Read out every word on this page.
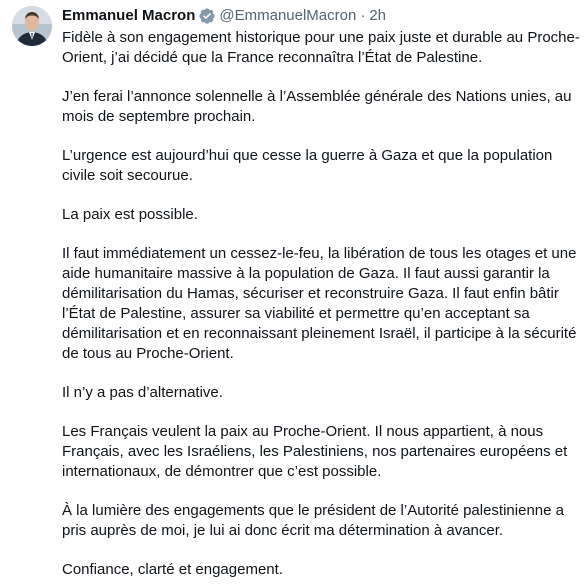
Emmanuel Macron @EmmanuelMacron · 2h

Fidèle à son engagement historique pour une paix juste et durable au Proche-Orient, j’ai décidé que la France reconnaîtra l’État de Palestine.

J’en ferai l’annonce solennelle à l’Assemblée générale des Nations unies, au mois de septembre prochain.

L’urgence est aujourd’hui que cesse la guerre à Gaza et que la population civile soit secourue.

La paix est possible.

Il faut immédiatement un cessez-le-feu, la libération de tous les otages et une aide humanitaire massive à la population de Gaza. Il faut aussi garantir la démilitarisation du Hamas, sécuriser et reconstruire Gaza. Il faut enfin bâtir l’État de Palestine, assurer sa viabilité et permettre qu’en acceptant sa démilitarisation et en reconnaissant pleinement Israël, il participe à la sécurité de tous au Proche-Orient.

Il n’y a pas d’alternative.

Les Français veulent la paix au Proche-Orient. Il nous appartient, à nous Français, avec les Israéliens, les Palestiniens, nos partenaires européens et internationaux, de démontrer que c’est possible.

À la lumière des engagements que le président de l’Autorité palestinienne a pris auprès de moi, je lui ai donc écrit ma détermination à avancer.

Confiance, clarté et engagement.
